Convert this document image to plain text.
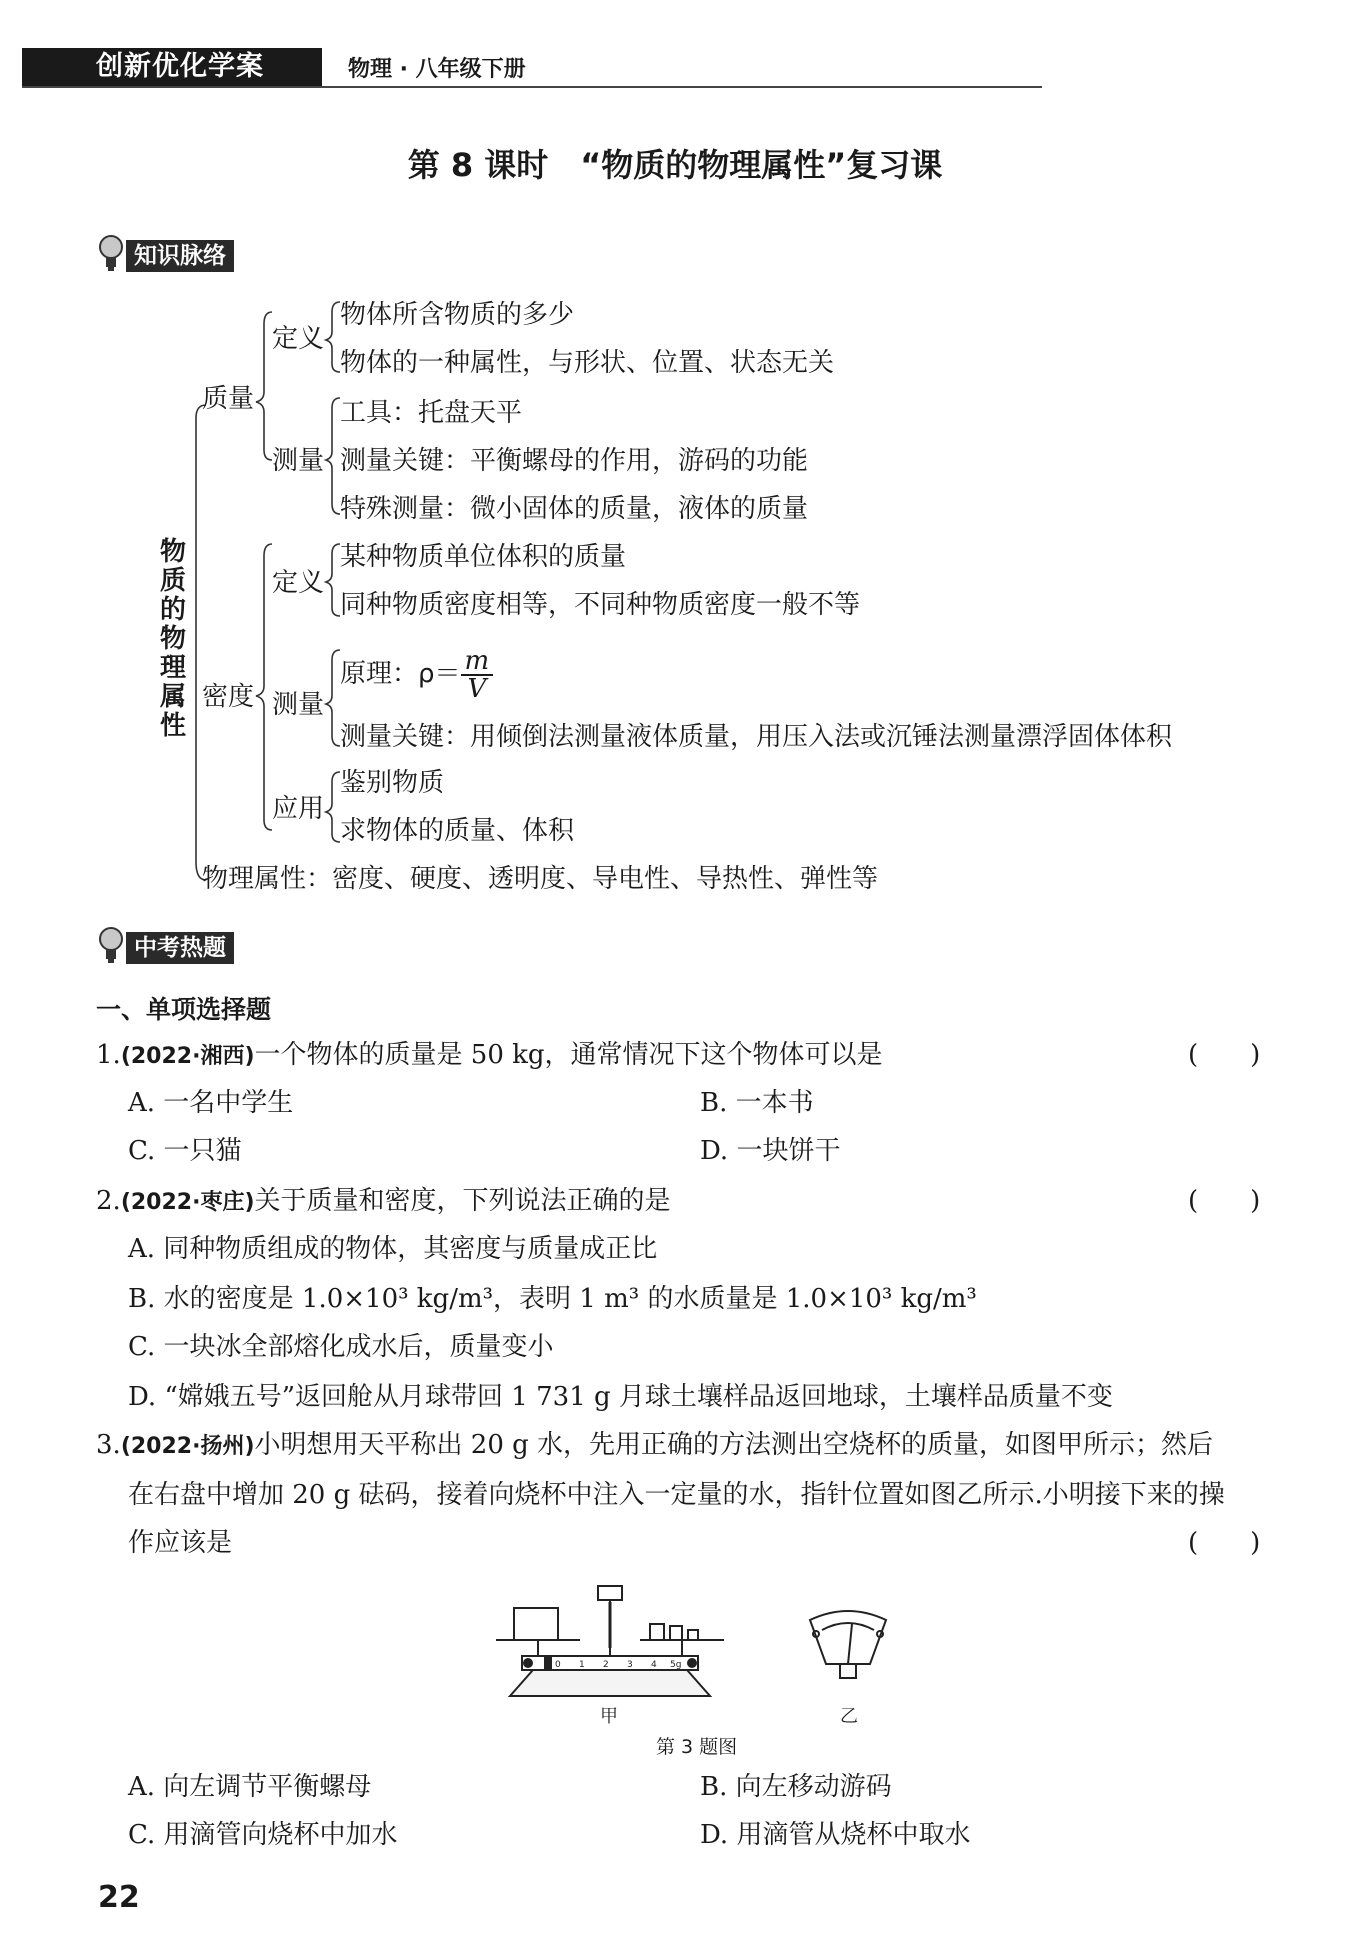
创新优化学案	物理 · 八年级下册
第 8 课时　“物质的物理属性”复习课
知识脉络
物质的物理属性
质量
定义
物体所含物质的多少
物体的一种属性，与形状、位置、状态无关
测量
工具：托盘天平
测量关键：平衡螺母的作用，游码的功能
特殊测量：微小固体的质量，液体的质量
密度
定义
某种物质单位体积的质量
同种物质密度相等，不同种物质密度一般不等
测量
原理：$\rho= \frac{m}{V}$
测量关键：用倾倒法测量液体质量，用压入法或沉锤法测量漂浮固体体积
应用
鉴别物质
求物体的质量、体积
物理属性：密度、硬度、透明度、导电性、导热性、弹性等
中考热题
一、单项选择题
1.(2022·湘西)一个物体的质量是 50 kg，通常情况下这个物体可以是	(　　)
A. 一名中学生	B. 一本书
C. 一只猫	D. 一块饼干
2.(2022·枣庄)关于质量和密度，下列说法正确的是	(　　)
A. 同种物质组成的物体，其密度与质量成正比
B. 水的密度是 1.0×10³ kg/m³，表明 1 m³ 的水质量是 1.0×10³ kg/m³
C. 一块冰全部熔化成水后，质量变小
D. “嫦娥五号”返回舱从月球带回 1 731 g 月球土壤样品返回地球，土壤样品质量不变
3.(2022·扬州)小明想用天平称出 20 g 水，先用正确的方法测出空烧杯的质量，如图甲所示；然后
在右盘中增加 20 g 砝码，接着向烧杯中注入一定量的水，指针位置如图乙所示.小明接下来的操
作应该是	(　　)
0 1 2 3 4 5g
甲	乙
第 3 题图
A. 向左调节平衡螺母	B. 向左移动游码
C. 用滴管向烧杯中加水	D. 用滴管从烧杯中取水
22
